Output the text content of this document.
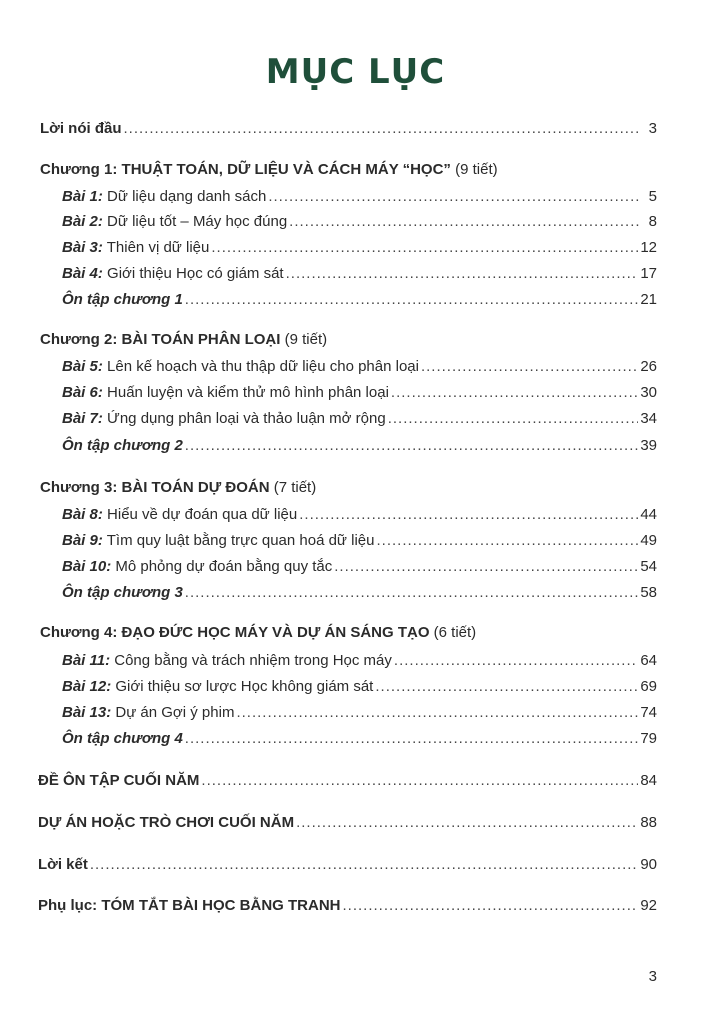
MỤC LỤC
Lời nói đầu .....	3
Chương 1: THUẬT TOÁN, DỮ LIỆU VÀ CÁCH MÁY “HỌC” (9 tiết)
Bài 1: Dữ liệu dạng danh sách .....	5
Bài 2: Dữ liệu tốt – Máy học đúng .....	8
Bài 3: Thiên vị dữ liệu .....	12
Bài 4: Giới thiệu Học có giám sát .....	17
Ôn tập chương 1 .....	21
Chương 2: BÀI TOÁN PHÂN LOẠI (9 tiết)
Bài 5: Lên kế hoạch và thu thập dữ liệu cho phân loại .....	26
Bài 6: Huấn luyện và kiểm thử mô hình phân loại .....	30
Bài 7: Ứng dụng phân loại và thảo luận mở rộng .....	34
Ôn tập chương 2 .....	39
Chương 3: BÀI TOÁN DỰ ĐOÁN (7 tiết)
Bài 8: Hiểu về dự đoán qua dữ liệu .....	44
Bài 9: Tìm quy luật bằng trực quan hoá dữ liệu .....	49
Bài 10: Mô phỏng dự đoán bằng quy tắc .....	54
Ôn tập chương 3 .....	58
Chương 4: ĐẠO ĐỨC HỌC MÁY VÀ DỰ ÁN SÁNG TẠO (6 tiết)
Bài 11: Công bằng và trách nhiệm trong Học máy .....	64
Bài 12: Giới thiệu sơ lược Học không giám sát .....	69
Bài 13: Dự án Gợi ý phim .....	74
Ôn tập chương 4 .....	79
ĐỀ ÔN TẬP CUỐI NĂM .....	84
DỰ ÁN HOẶC TRÒ CHƠI CUỐI NĂM .....	88
Lời kết .....	90
Phụ lục: TÓM TẮT BÀI HỌC BẰNG TRANH .....	92
3
